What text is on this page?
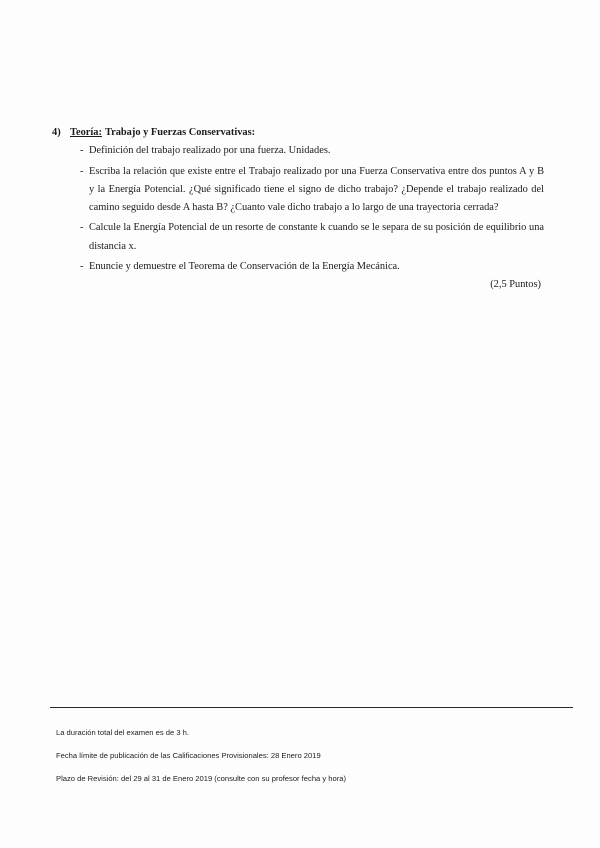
4) Teoría: Trabajo y Fuerzas Conservativas:
- Definición del trabajo realizado por una fuerza. Unidades.
- Escriba la relación que existe entre el Trabajo realizado por una Fuerza Conservativa entre dos puntos A y B y la Energía Potencial. ¿Qué significado tiene el signo de dicho trabajo? ¿Depende el trabajo realizado del camino seguido desde A hasta B? ¿Cuanto vale dicho trabajo a lo largo de una trayectoria cerrada?
- Calcule la Energía Potencial de un resorte de constante k cuando se le separa de su posición de equilibrio una distancia x.
- Enuncie y demuestre el Teorema de Conservación de la Energía Mecánica.
(2,5 Puntos)
La duración total del examen es de 3 h.
Fecha límite de publicación de las Calificaciones Provisionales: 28 Enero 2019
Plazo de Revisión: del 29 al 31 de Enero 2019 (consulte con su profesor fecha y hora)
